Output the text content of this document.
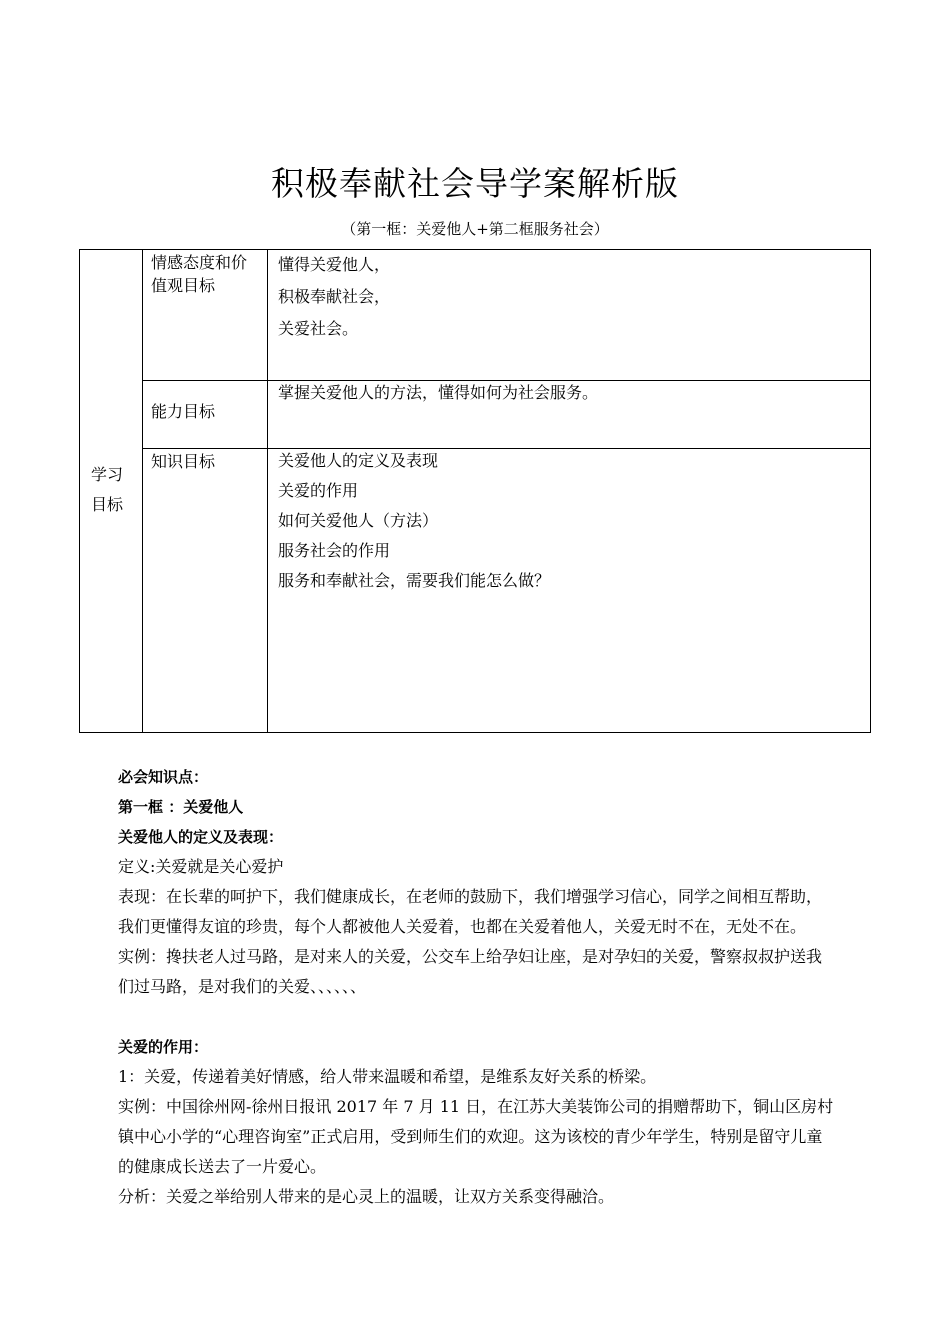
积极奉献社会导学案解析版
（第一框：关爱他人+第二框服务社会）
学习
目标
情感态度和价
值观目标
懂得关爱他人，
积极奉献社会，
关爱社会。
能力目标
掌握关爱他人的方法，懂得如何为社会服务。
知识目标	关爱他人的定义及表现
关爱的作用
如何关爱他人（方法）
服务社会的作用
服务和奉献社会，需要我们能怎么做？

必会知识点：

第一框 ：关爱他人

关爱他人的定义及表现：

定义:关爱就是关心爱护

表现：在长辈的呵护下，我们健康成长，在老师的鼓励下，我们增强学习信心，同学之间相互帮助，我们更懂得友谊的珍贵，每个人都被他人关爱着，也都在关爱着他人，关爱无时不在，无处不在。

实例：搀扶老人过马路，是对来人的关爱，公交车上给孕妇让座，是对孕妇的关爱，警察叔叔护送我们过马路，是对我们的关爱、、、、、、

关爱的作用：

1：关爱，传递着美好情感，给人带来温暖和希望，是维系友好关系的桥梁。

实例：中国徐州网-徐州日报讯 2017 年 7 月 11 日，在江苏大美装饰公司的捐赠帮助下，铜山区房村镇中心小学的“心理咨询室”正式启用，受到师生们的欢迎。这为该校的青少年学生，特别是留守儿童的健康成长送去了一片爱心。

分析：关爱之举给别人带来的是心灵上的温暖，让双方关系变得融洽。
